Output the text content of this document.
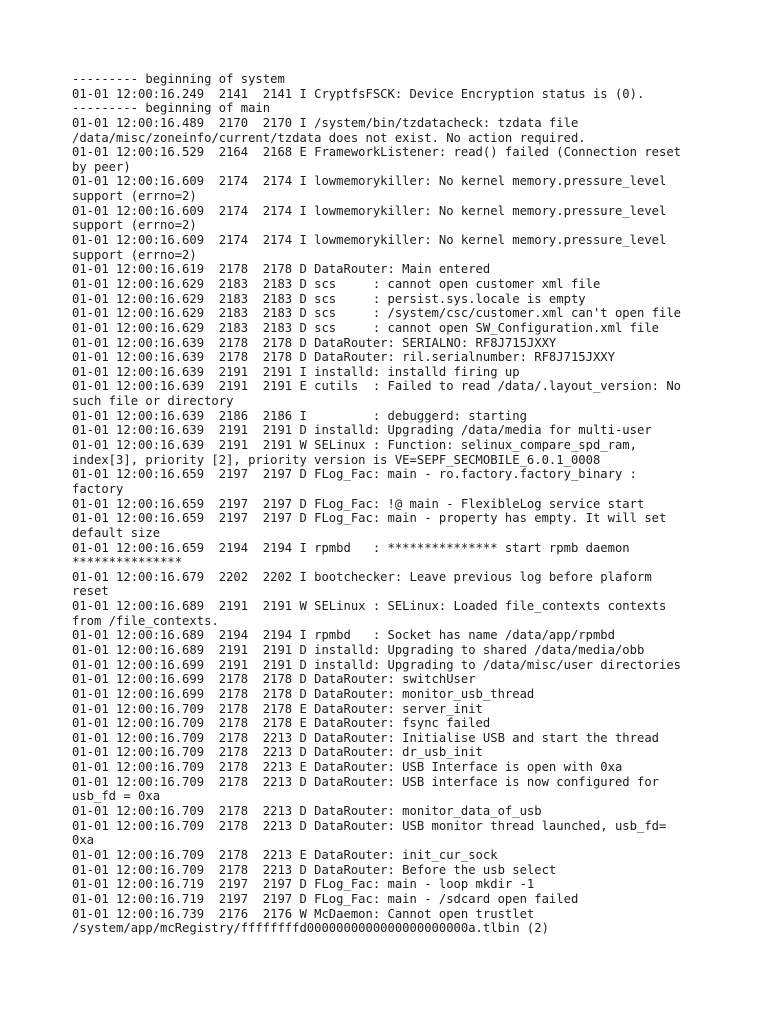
--------- beginning of system
01-01 12:00:16.249  2141  2141 I CryptfsFSCK: Device Encryption status is (0).
--------- beginning of main
01-01 12:00:16.489  2170  2170 I /system/bin/tzdatacheck: tzdata file
/data/misc/zoneinfo/current/tzdata does not exist. No action required.
01-01 12:00:16.529  2164  2168 E FrameworkListener: read() failed (Connection reset
by peer)
01-01 12:00:16.609  2174  2174 I lowmemorykiller: No kernel memory.pressure_level
support (errno=2)
01-01 12:00:16.609  2174  2174 I lowmemorykiller: No kernel memory.pressure_level
support (errno=2)
01-01 12:00:16.609  2174  2174 I lowmemorykiller: No kernel memory.pressure_level
support (errno=2)
01-01 12:00:16.619  2178  2178 D DataRouter: Main entered
01-01 12:00:16.629  2183  2183 D scs     : cannot open customer xml file
01-01 12:00:16.629  2183  2183 D scs     : persist.sys.locale is empty
01-01 12:00:16.629  2183  2183 D scs     : /system/csc/customer.xml can't open file
01-01 12:00:16.629  2183  2183 D scs     : cannot open SW_Configuration.xml file
01-01 12:00:16.639  2178  2178 D DataRouter: SERIALNO: RF8J715JXXY
01-01 12:00:16.639  2178  2178 D DataRouter: ril.serialnumber: RF8J715JXXY
01-01 12:00:16.639  2191  2191 I installd: installd firing up
01-01 12:00:16.639  2191  2191 E cutils  : Failed to read /data/.layout_version: No
such file or directory
01-01 12:00:16.639  2186  2186 I         : debuggerd: starting
01-01 12:00:16.639  2191  2191 D installd: Upgrading /data/media for multi-user
01-01 12:00:16.639  2191  2191 W SELinux : Function: selinux_compare_spd_ram,
index[3], priority [2], priority version is VE=SEPF_SECMOBILE_6.0.1_0008
01-01 12:00:16.659  2197  2197 D FLog_Fac: main - ro.factory.factory_binary :
factory
01-01 12:00:16.659  2197  2197 D FLog_Fac: !@ main - FlexibleLog service start
01-01 12:00:16.659  2197  2197 D FLog_Fac: main - property has empty. It will set
default size
01-01 12:00:16.659  2194  2194 I rpmbd   : *************** start rpmb daemon
***************
01-01 12:00:16.679  2202  2202 I bootchecker: Leave previous log before plaform
reset
01-01 12:00:16.689  2191  2191 W SELinux : SELinux: Loaded file_contexts contexts
from /file_contexts.
01-01 12:00:16.689  2194  2194 I rpmbd   : Socket has name /data/app/rpmbd
01-01 12:00:16.689  2191  2191 D installd: Upgrading to shared /data/media/obb
01-01 12:00:16.699  2191  2191 D installd: Upgrading to /data/misc/user directories
01-01 12:00:16.699  2178  2178 D DataRouter: switchUser
01-01 12:00:16.699  2178  2178 D DataRouter: monitor_usb_thread
01-01 12:00:16.709  2178  2178 E DataRouter: server_init
01-01 12:00:16.709  2178  2178 E DataRouter: fsync failed
01-01 12:00:16.709  2178  2213 D DataRouter: Initialise USB and start the thread
01-01 12:00:16.709  2178  2213 D DataRouter: dr_usb_init
01-01 12:00:16.709  2178  2213 E DataRouter: USB Interface is open with 0xa
01-01 12:00:16.709  2178  2213 D DataRouter: USB interface is now configured for
usb_fd = 0xa
01-01 12:00:16.709  2178  2213 D DataRouter: monitor_data_of_usb
01-01 12:00:16.709  2178  2213 D DataRouter: USB monitor thread launched, usb_fd=
0xa
01-01 12:00:16.709  2178  2213 E DataRouter: init_cur_sock
01-01 12:00:16.709  2178  2213 D DataRouter: Before the usb select
01-01 12:00:16.719  2197  2197 D FLog_Fac: main - loop mkdir -1
01-01 12:00:16.719  2197  2197 D FLog_Fac: main - /sdcard open failed
01-01 12:00:16.739  2176  2176 W McDaemon: Cannot open trustlet
/system/app/mcRegistry/ffffffffd0000000000000000000000a.tlbin (2)
